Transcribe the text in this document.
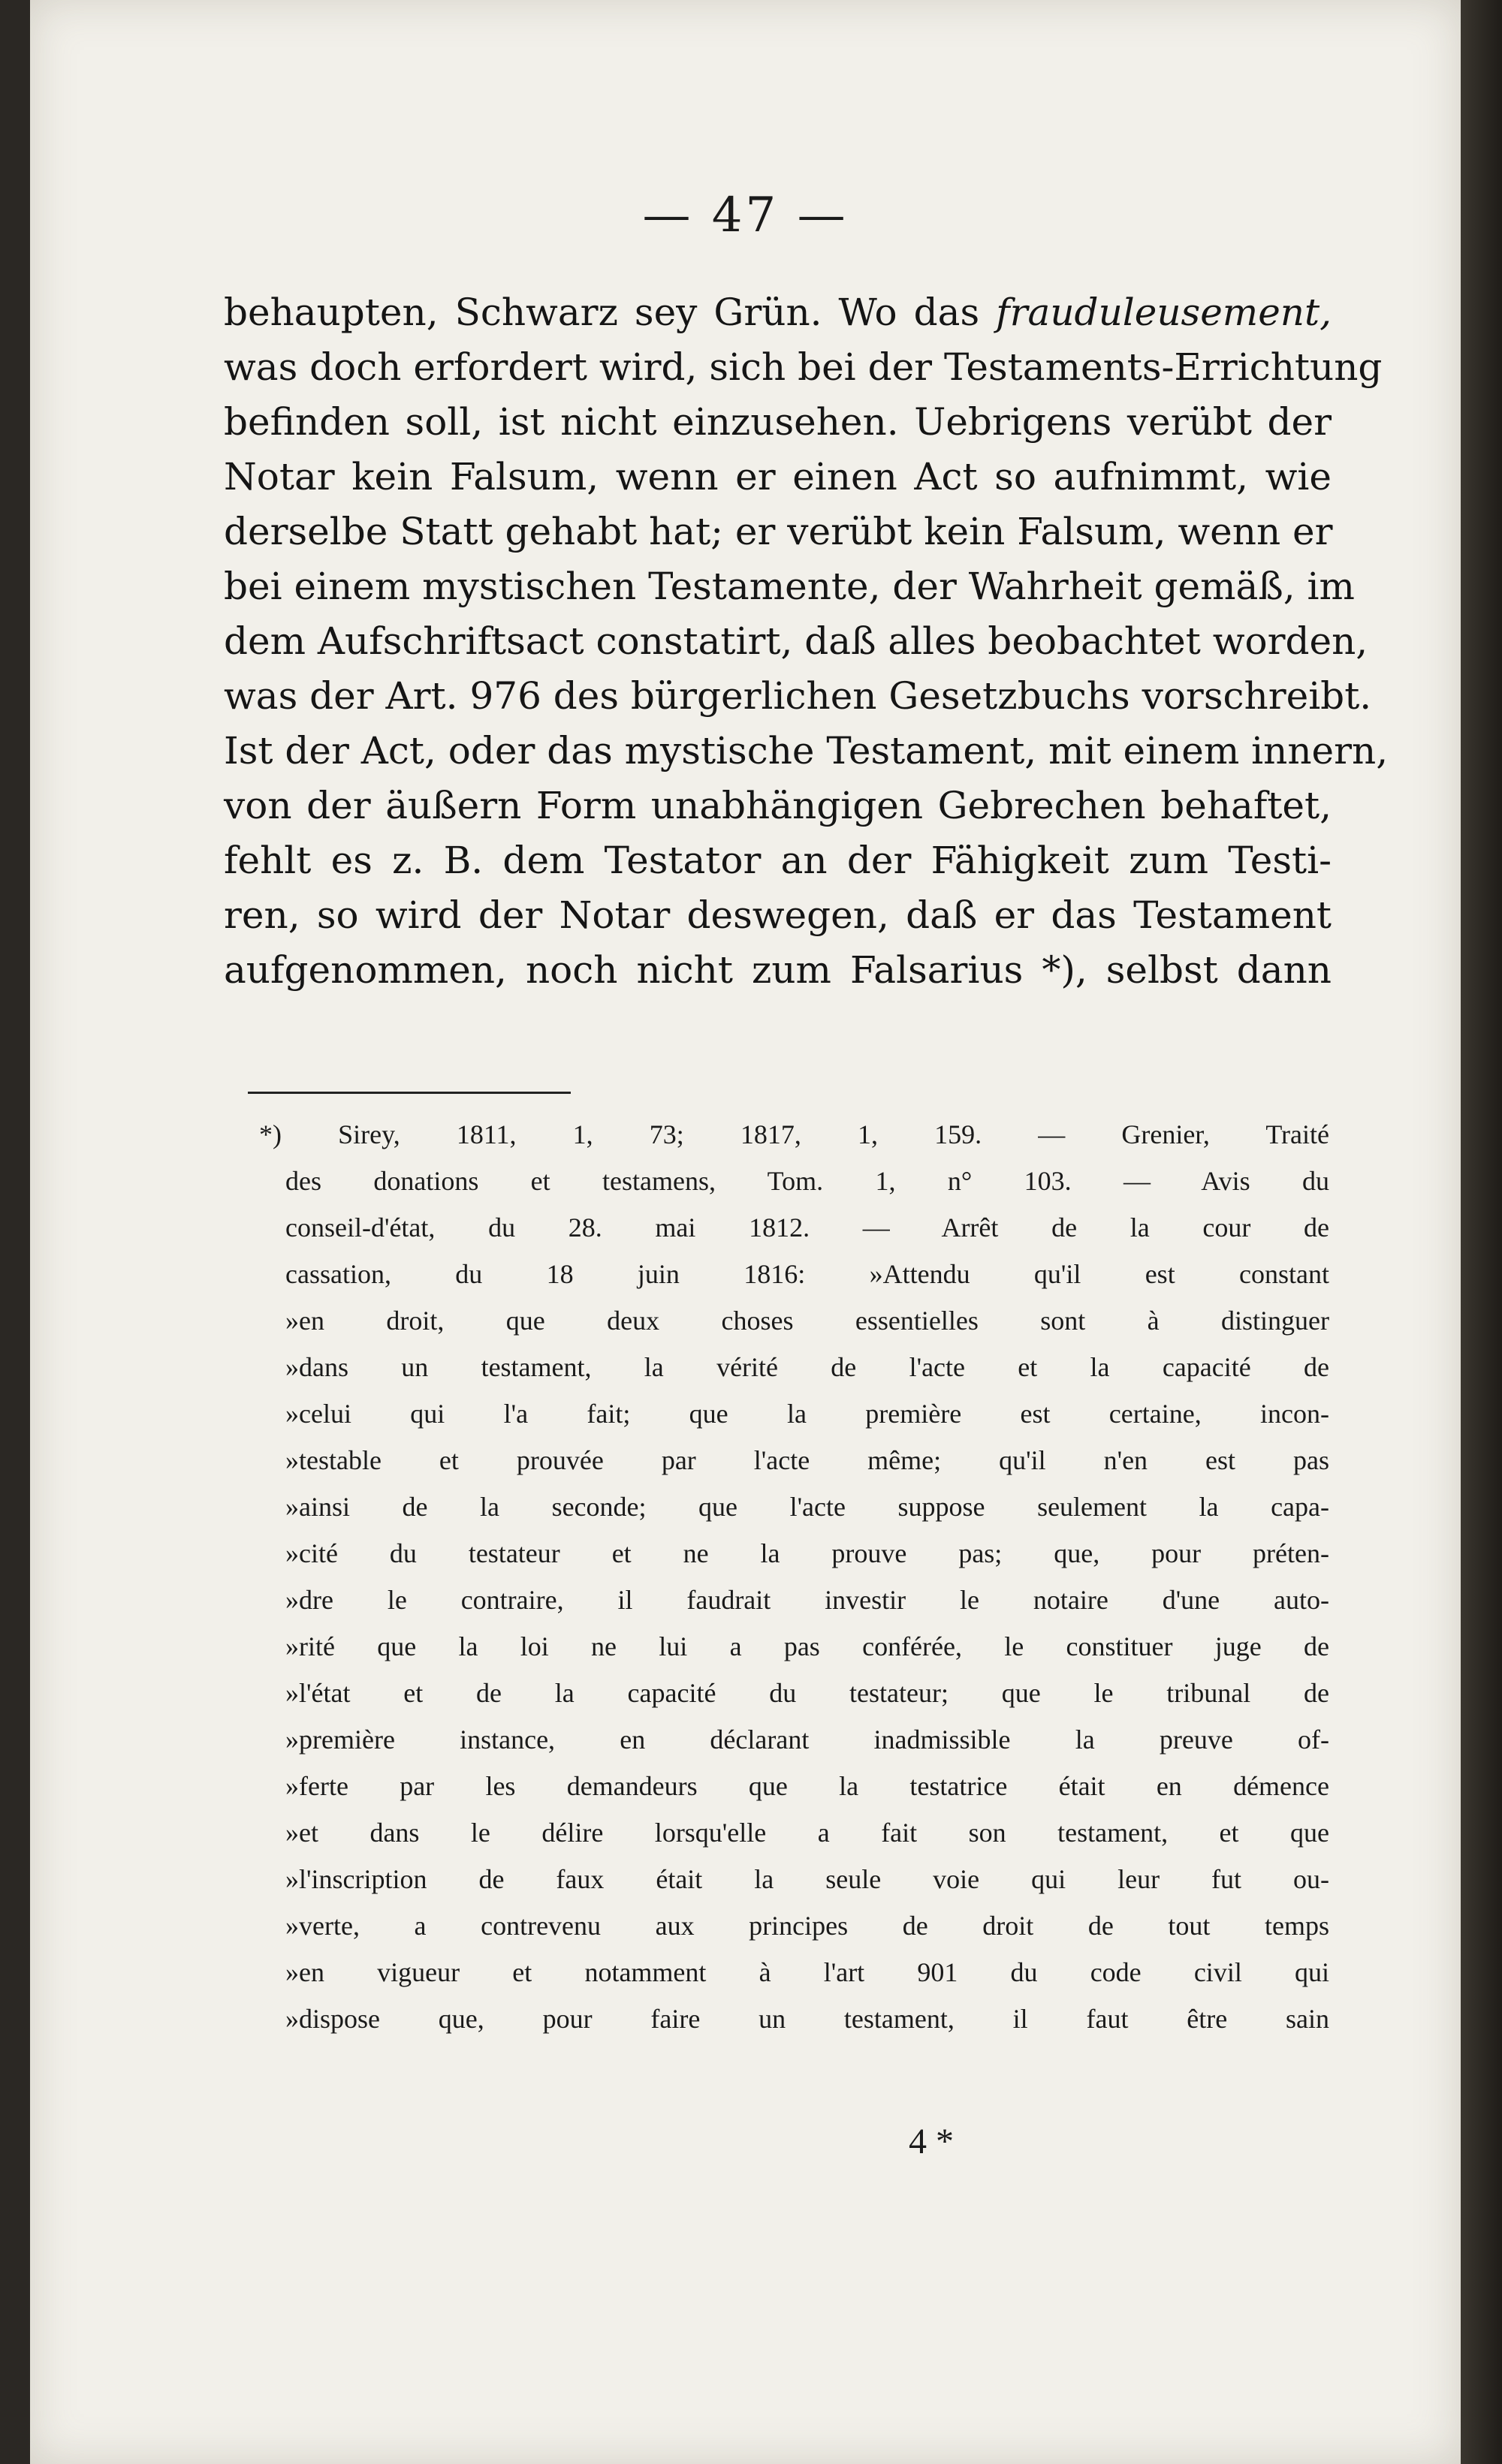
— 47 —
behaupten, Schwarz sey Grün. Wo das frauduleusement,
was doch erfordert wird, sich bei der Testaments-Errichtung
befinden soll, ist nicht einzusehen. Uebrigens verübt der
Notar kein Falsum, wenn er einen Act so aufnimmt, wie
derselbe Statt gehabt hat; er verübt kein Falsum, wenn er
bei einem mystischen Testamente, der Wahrheit gemäß, im
dem Aufschriftsact constatirt, daß alles beobachtet worden,
was der Art. 976 des bürgerlichen Gesetzbuchs vorschreibt.
Ist der Act, oder das mystische Testament, mit einem innern,
von der äußern Form unabhängigen Gebrechen behaftet,
fehlt es z. B. dem Testator an der Fähigkeit zum Testi-
ren, so wird der Notar deswegen, daß er das Testament
aufgenommen, noch nicht zum Falsarius *), selbst dann
*) Sirey, 1811, 1, 73; 1817, 1, 159. — Grenier, Traité
des donations et testamens, Tom. 1, n° 103. — Avis du
conseil-d'état, du 28. mai 1812. — Arrêt de la cour de
cassation, du 18 juin 1816: »Attendu qu'il est constant
»en droit, que deux choses essentielles sont à distinguer
»dans un testament, la vérité de l'acte et la capacité de
»celui qui l'a fait; que la première est certaine, incon-
»testable et prouvée par l'acte même; qu'il n'en est pas
»ainsi de la seconde; que l'acte suppose seulement la capa-
»cité du testateur et ne la prouve pas; que, pour préten-
»dre le contraire, il faudrait investir le notaire d'une auto-
»rité que la loi ne lui a pas conférée, le constituer juge de
»l'état et de la capacité du testateur; que le tribunal de
»première instance, en déclarant inadmissible la preuve of-
»ferte par les demandeurs que la testatrice était en démence
»et dans le délire lorsqu'elle a fait son testament, et que
»l'inscription de faux était la seule voie qui leur fut ou-
»verte, a contrevenu aux principes de droit de tout temps
»en vigueur et notamment à l'art 901 du code civil qui
»dispose que, pour faire un testament, il faut être sain
4 *
